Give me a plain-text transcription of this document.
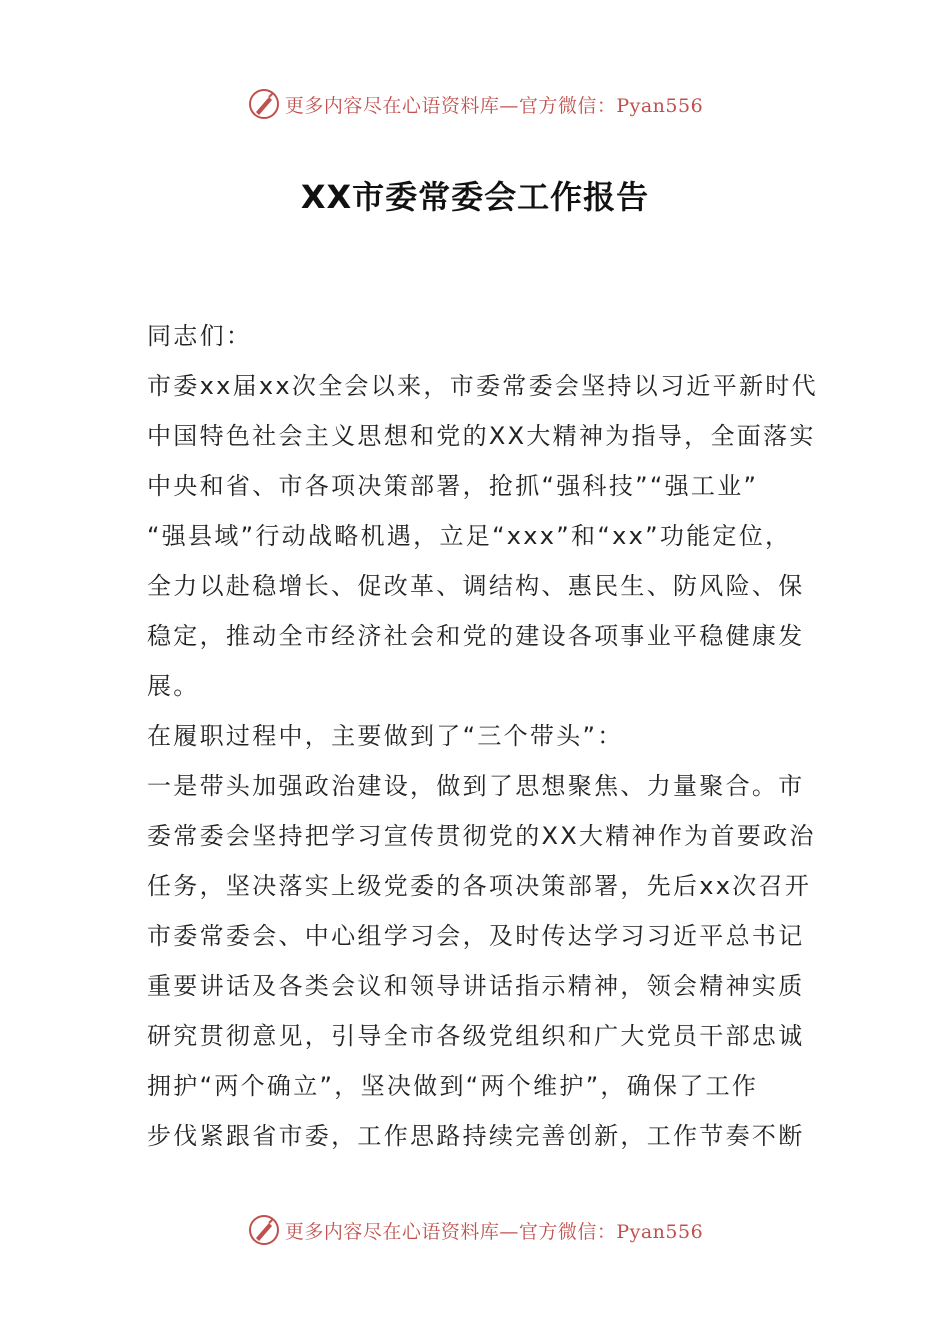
更多内容尽在心语资料库—官方微信：Pyan556
XX市委常委会工作报告
同志们：
市委xx届xx次全会以来，市委常委会坚持以习近平新时代
中国特色社会主义思想和党的XX大精神为指导，全面落实
中央和省、市各项决策部署，抢抓“强科技”“强工业”
“强县域”行动战略机遇，立足“xxx”和“xx”功能定位，
全力以赴稳增长、促改革、调结构、惠民生、防风险、保
稳定，推动全市经济社会和党的建设各项事业平稳健康发
展。
在履职过程中，主要做到了“三个带头”：
一是带头加强政治建设，做到了思想聚焦、力量聚合。市
委常委会坚持把学习宣传贯彻党的XX大精神作为首要政治
任务，坚决落实上级党委的各项决策部署，先后xx次召开
市委常委会、中心组学习会，及时传达学习习近平总书记
重要讲话及各类会议和领导讲话指示精神，领会精神实质
研究贯彻意见，引导全市各级党组织和广大党员干部忠诚
拥护“两个确立”，坚决做到“两个维护”，确保了工作
步伐紧跟省市委，工作思路持续完善创新，工作节奏不断
更多内容尽在心语资料库—官方微信：Pyan556
